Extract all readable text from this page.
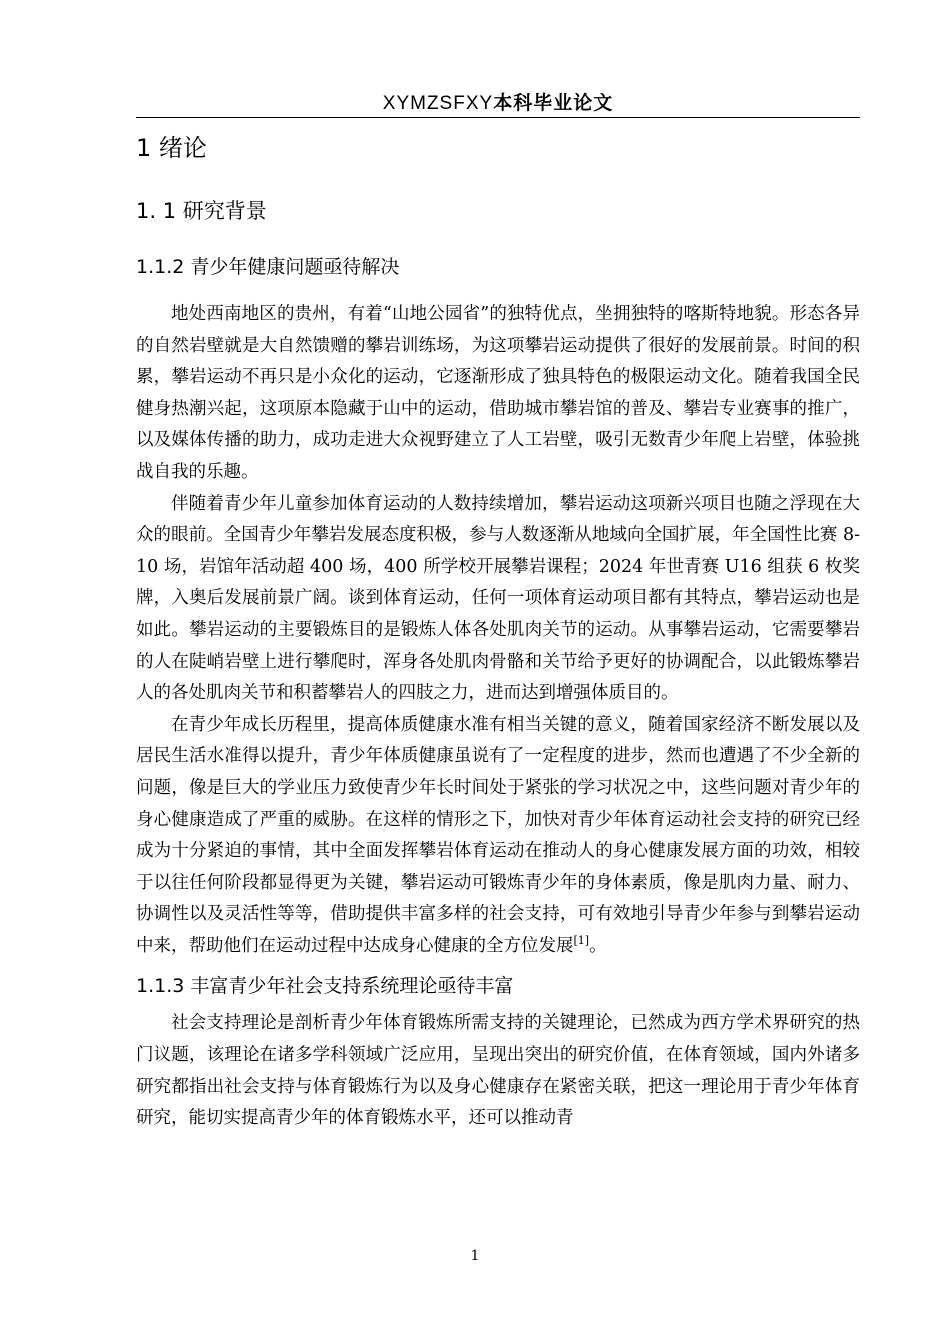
XYMZSFXY本科毕业论文
1 绪论
1. 1 研究背景
1.1.2 青少年健康问题亟待解决

地处西南地区的贵州，有着“山地公园省”的独特优点，坐拥独特的喀斯特地貌。形态各异的自然岩壁就是大自然馈赠的攀岩训练场，为这项攀岩运动提供了很好的发展前景。时间的积累，攀岩运动不再只是小众化的运动，它逐渐形成了独具特色的极限运动文化。随着我国全民健身热潮兴起，这项原本隐藏于山中的运动，借助城市攀岩馆的普及、攀岩专业赛事的推广，以及媒体传播的助力，成功走进大众视野建立了人工岩壁，吸引无数青少年爬上岩壁，体验挑战自我的乐趣。

伴随着青少年儿童参加体育运动的人数持续增加，攀岩运动这项新兴项目也随之浮现在大众的眼前。全国青少年攀岩发展态度积极，参与人数逐渐从地域向全国扩展，年全国性比赛 8-10 场，岩馆年活动超 400 场，400 所学校开展攀岩课程；2024 年世青赛 U16 组获 6 枚奖牌，入奥后发展前景广阔。谈到体育运动，任何一项体育运动项目都有其特点，攀岩运动也是如此。攀岩运动的主要锻炼目的是锻炼人体各处肌肉关节的运动。从事攀岩运动，它需要攀岩的人在陡峭岩壁上进行攀爬时，浑身各处肌肉骨骼和关节给予更好的协调配合，以此锻炼攀岩人的各处肌肉关节和积蓄攀岩人的四肢之力，进而达到增强体质目的。

在青少年成长历程里，提高体质健康水准有相当关键的意义，随着国家经济不断发展以及居民生活水准得以提升，青少年体质健康虽说有了一定程度的进步，然而也遭遇了不少全新的问题，像是巨大的学业压力致使青少年长时间处于紧张的学习状况之中，这些问题对青少年的身心健康造成了严重的威胁。在这样的情形之下，加快对青少年体育运动社会支持的研究已经成为十分紧迫的事情，其中全面发挥攀岩体育运动在推动人的身心健康发展方面的功效，相较于以往任何阶段都显得更为关键，攀岩运动可锻炼青少年的身体素质，像是肌肉力量、耐力、协调性以及灵活性等等，借助提供丰富多样的社会支持，可有效地引导青少年参与到攀岩运动中来，帮助他们在运动过程中达成身心健康的全方位发展[1]。

1.1.3 丰富青少年社会支持系统理论亟待丰富

社会支持理论是剖析青少年体育锻炼所需支持的关键理论，已然成为西方学术界研究的热门议题，该理论在诸多学科领域广泛应用，呈现出突出的研究价值，在体育领域，国内外诸多研究都指出社会支持与体育锻炼行为以及身心健康存在紧密关联，把这一理论用于青少年体育研究，能切实提高青少年的体育锻炼水平，还可以推动青

1
